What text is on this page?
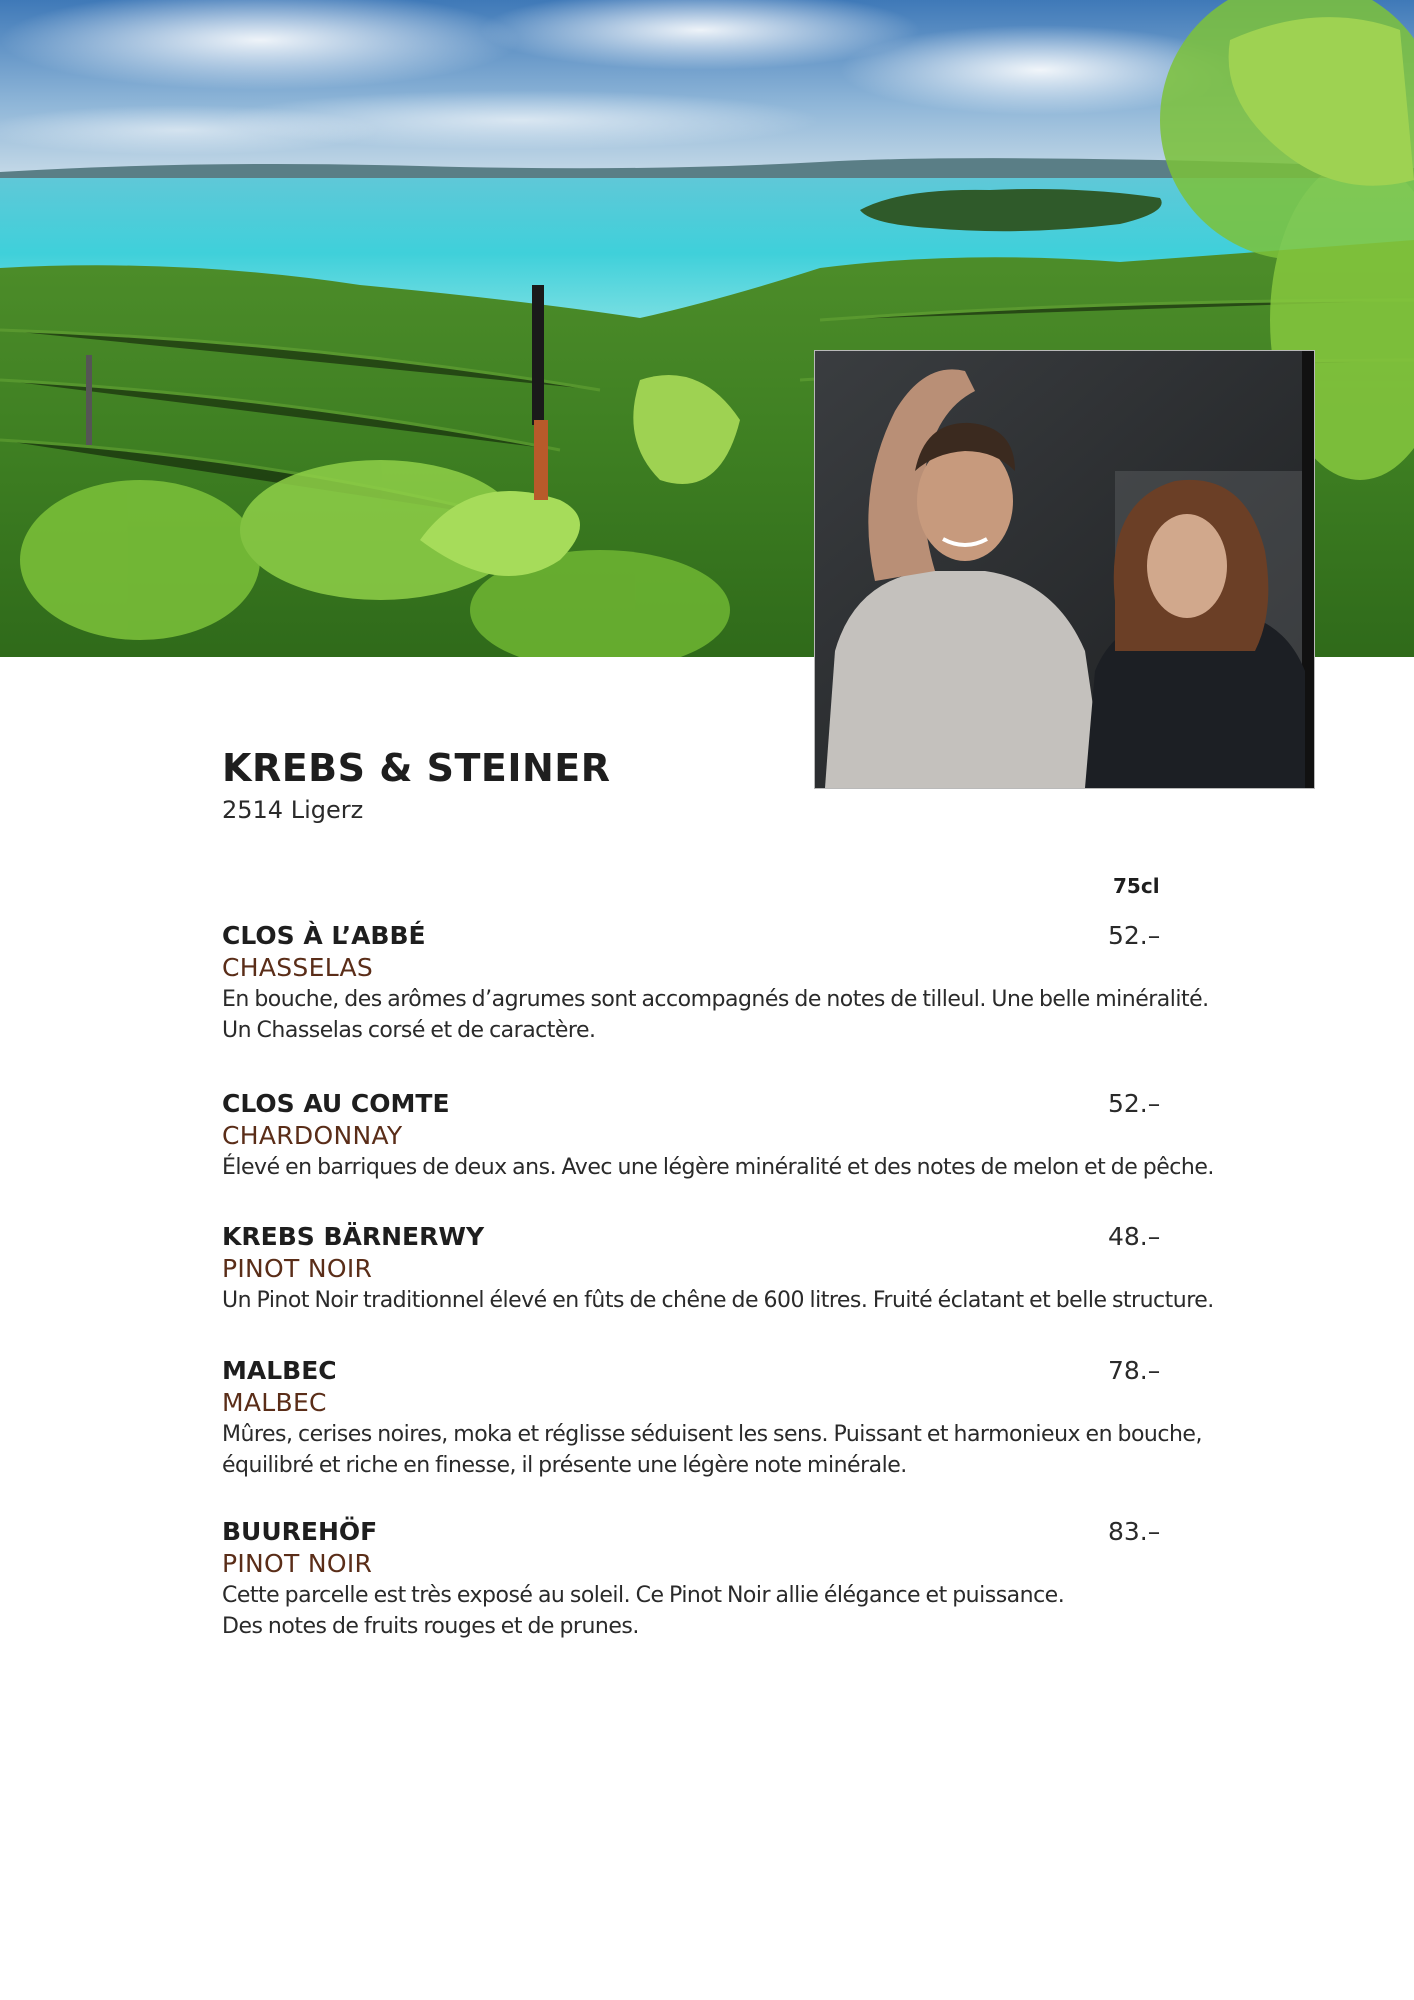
KREBS & STEINER
2514 Ligerz
75cl
CLOS À L’ABBÉ	52.–
CHASSELAS
En bouche, des arômes d’agrumes sont accompagnés de notes de tilleul. Une belle minéralité.
Un Chasselas corsé et de caractère.
CLOS AU COMTE	52.–
CHARDONNAY
Élevé en barriques de deux ans. Avec une légère minéralité et des notes de melon et de pêche.
KREBS BÄRNERWY	48.–
PINOT NOIR
Un Pinot Noir traditionnel élevé en fûts de chêne de 600 litres. Fruité éclatant et belle structure.
MALBEC	78.–
MALBEC
Mûres, cerises noires, moka et réglisse séduisent les sens. Puissant et harmonieux en bouche,
équilibré et riche en finesse, il présente une légère note minérale.
BUUREHÖF	83.–
PINOT NOIR
Cette parcelle est très exposé au soleil. Ce Pinot Noir allie élégance et puissance.
Des notes de fruits rouges et de prunes.
